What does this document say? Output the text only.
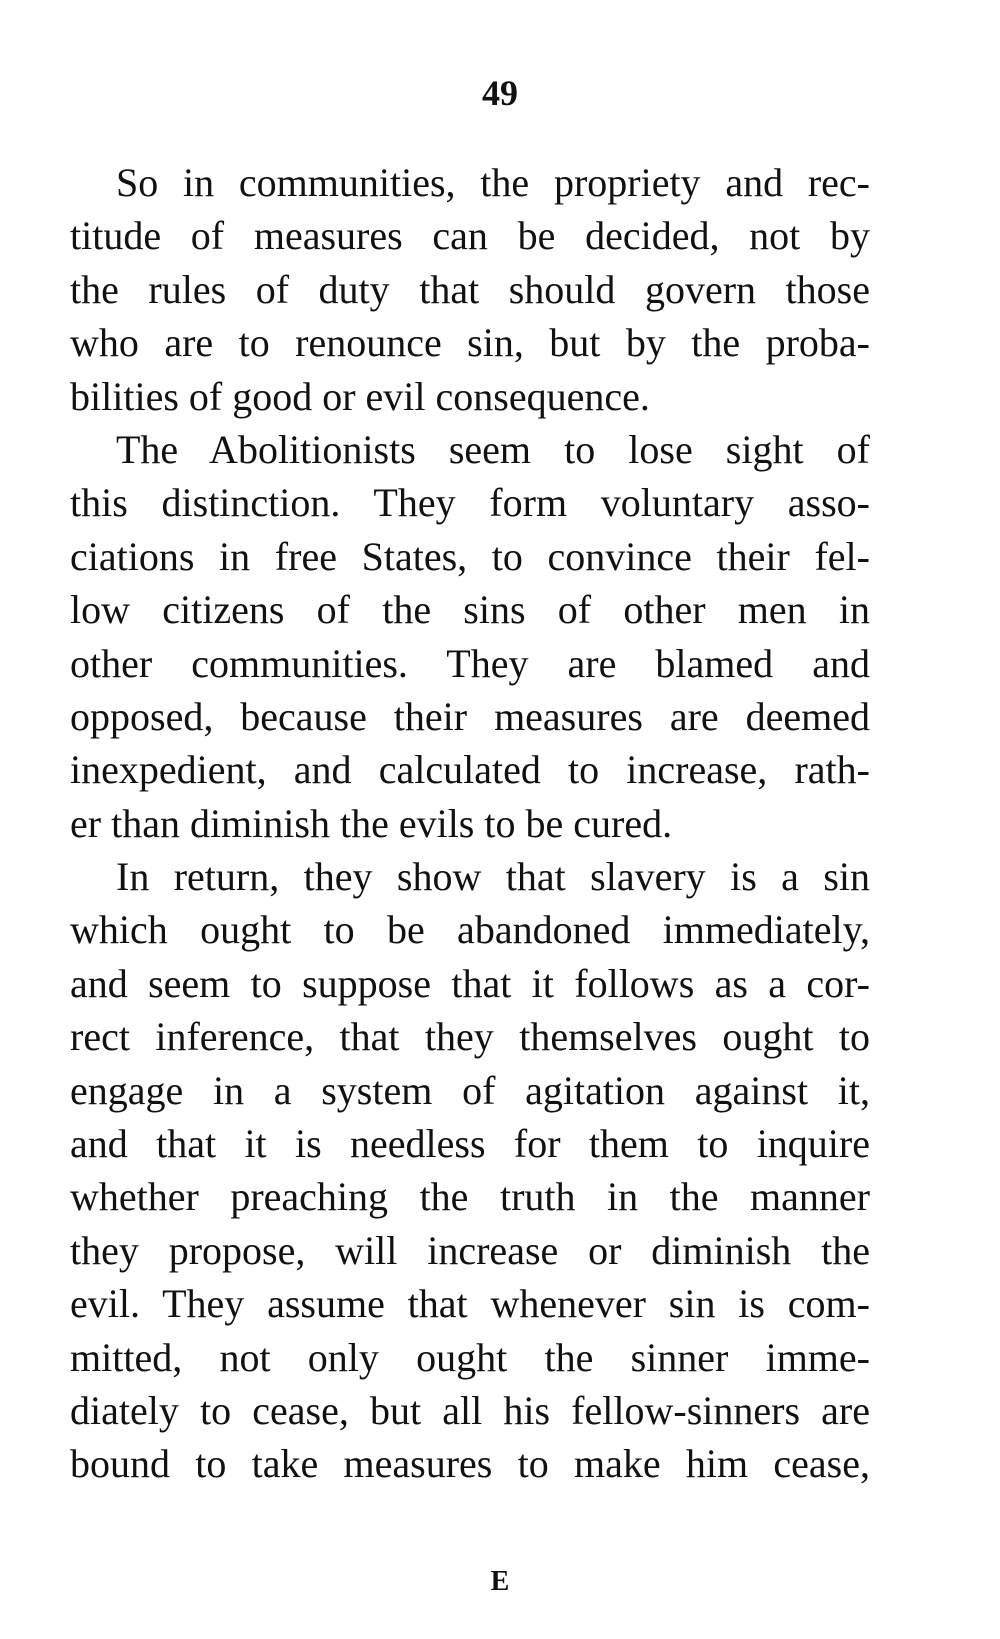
49
So in communities, the propriety and rec-
titude of measures can be decided, not by
the rules of duty that should govern those
who are to renounce sin, but by the proba-
bilities of good or evil consequence.
The Abolitionists seem to lose sight of
this distinction. They form voluntary asso-
ciations in free States, to convince their fel-
low citizens of the sins of other men in
other communities. They are blamed and
opposed, because their measures are deemed
inexpedient, and calculated to increase, rath-
er than diminish the evils to be cured.
In return, they show that slavery is a sin
which ought to be abandoned immediately,
and seem to suppose that it follows as a cor-
rect inference, that they themselves ought to
engage in a system of agitation against it,
and that it is needless for them to inquire
whether preaching the truth in the manner
they propose, will increase or diminish the
evil. They assume that whenever sin is com-
mitted, not only ought the sinner imme-
diately to cease, but all his fellow-sinners are
bound to take measures to make him cease,
E
